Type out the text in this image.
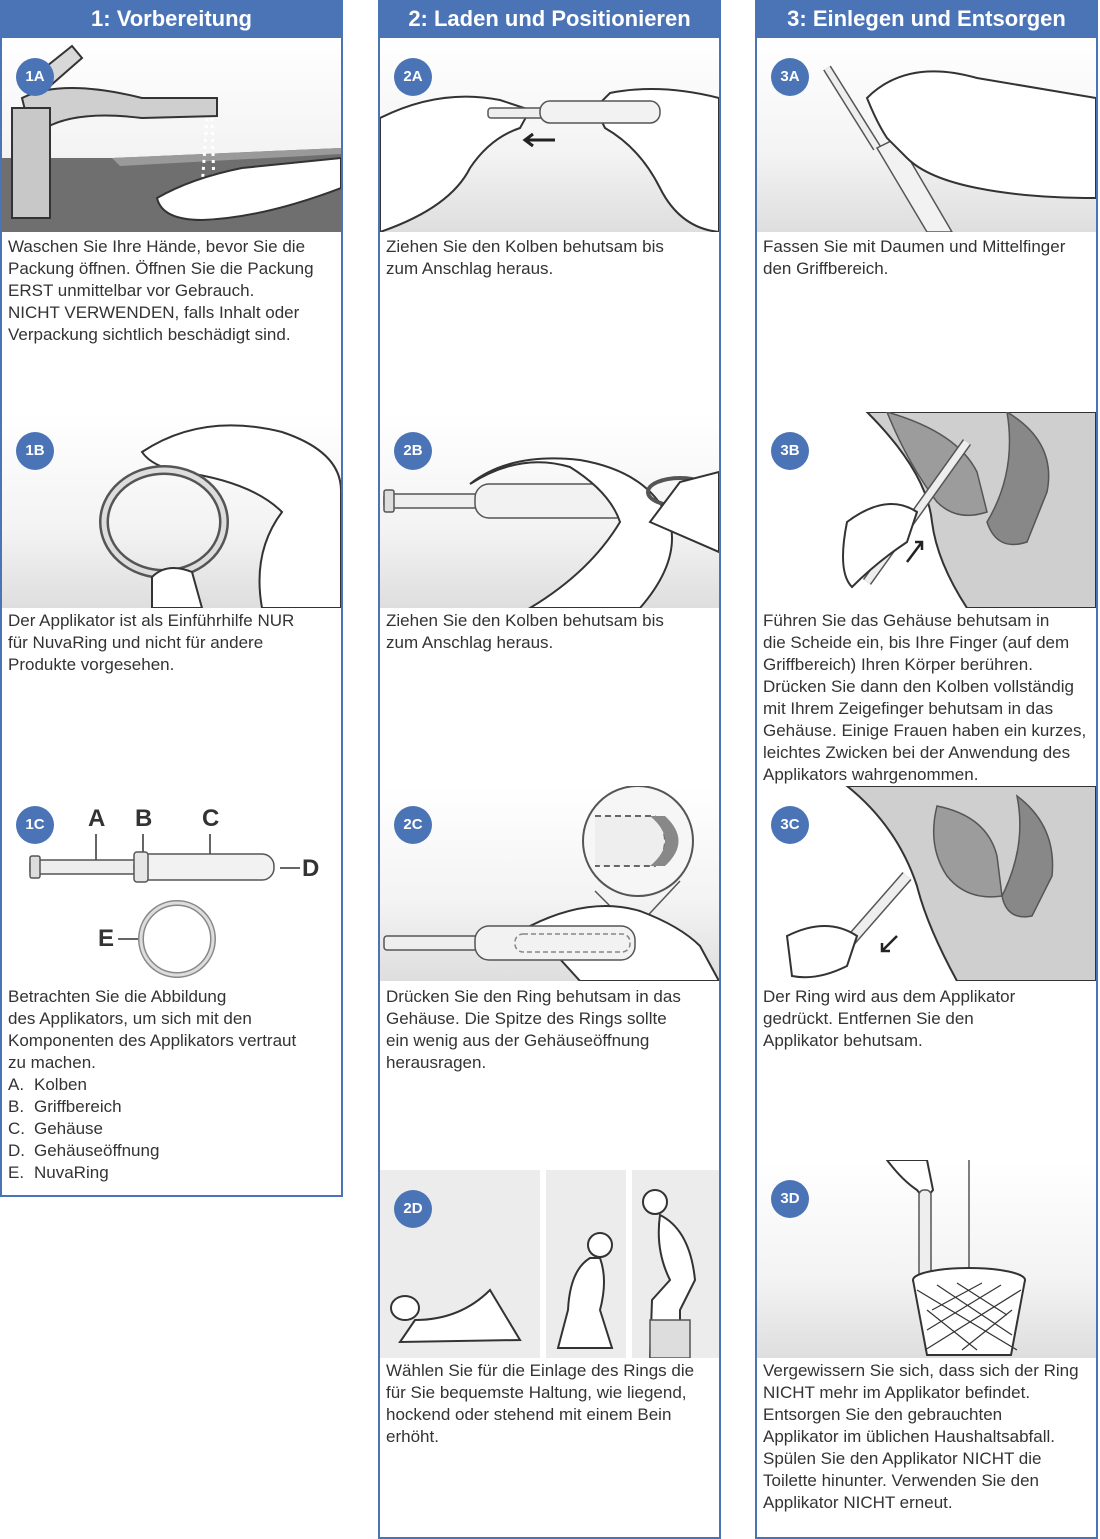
1: Vorbereitung
1A

Waschen Sie Ihre Hände, bevor Sie die
Packung öffnen. Öffnen Sie die Packung
ERST unmittelbar vor Gebrauch.
NICHT VERWENDEN, falls Inhalt oder
Verpackung sichtlich beschädigt sind.

1B

Der Applikator ist als Einführhilfe NUR
für NuvaRing und nicht für andere
Produkte vorgesehen.

A B C
D
E
1C
Betrachten Sie die Abbildung
des Applikators, um sich mit den
Komponenten des Applikators vertraut
zu machen.
A. Kolben
B. Griffbereich
C. Gehäuse
D. Gehäuseöffnung
E. NuvaRing
2: Laden und Positionieren
2A

Ziehen Sie den Kolben behutsam bis
zum Anschlag heraus.

2B

Ziehen Sie den Kolben behutsam bis
zum Anschlag heraus.

2C

Drücken Sie den Ring behutsam in das
Gehäuse. Die Spitze des Rings sollte
ein wenig aus der Gehäuseöffnung
herausragen.

2D

Wählen Sie für die Einlage des Rings die
für Sie bequemste Haltung, wie liegend,
hockend oder stehend mit einem Bein
erhöht.

3: Einlegen und Entsorgen
3A

Fassen Sie mit Daumen und Mittelfinger
den Griffbereich.

3B

Führen Sie das Gehäuse behutsam in
die Scheide ein, bis Ihre Finger (auf dem
Griffbereich) Ihren Körper berühren.
Drücken Sie dann den Kolben vollständig
mit Ihrem Zeigefinger behutsam in das
Gehäuse. Einige Frauen haben ein kurzes,
leichtes Zwicken bei der Anwendung des
Applikators wahrgenommen.

3C

Der Ring wird aus dem Applikator
gedrückt. Entfernen Sie den
Applikator behutsam.

3D

Vergewissern Sie sich, dass sich der Ring
NICHT mehr im Applikator befindet.
Entsorgen Sie den gebrauchten
Applikator im üblichen Haushaltsabfall.
Spülen Sie den Applikator NICHT die
Toilette hinunter. Verwenden Sie den
Applikator NICHT erneut.
